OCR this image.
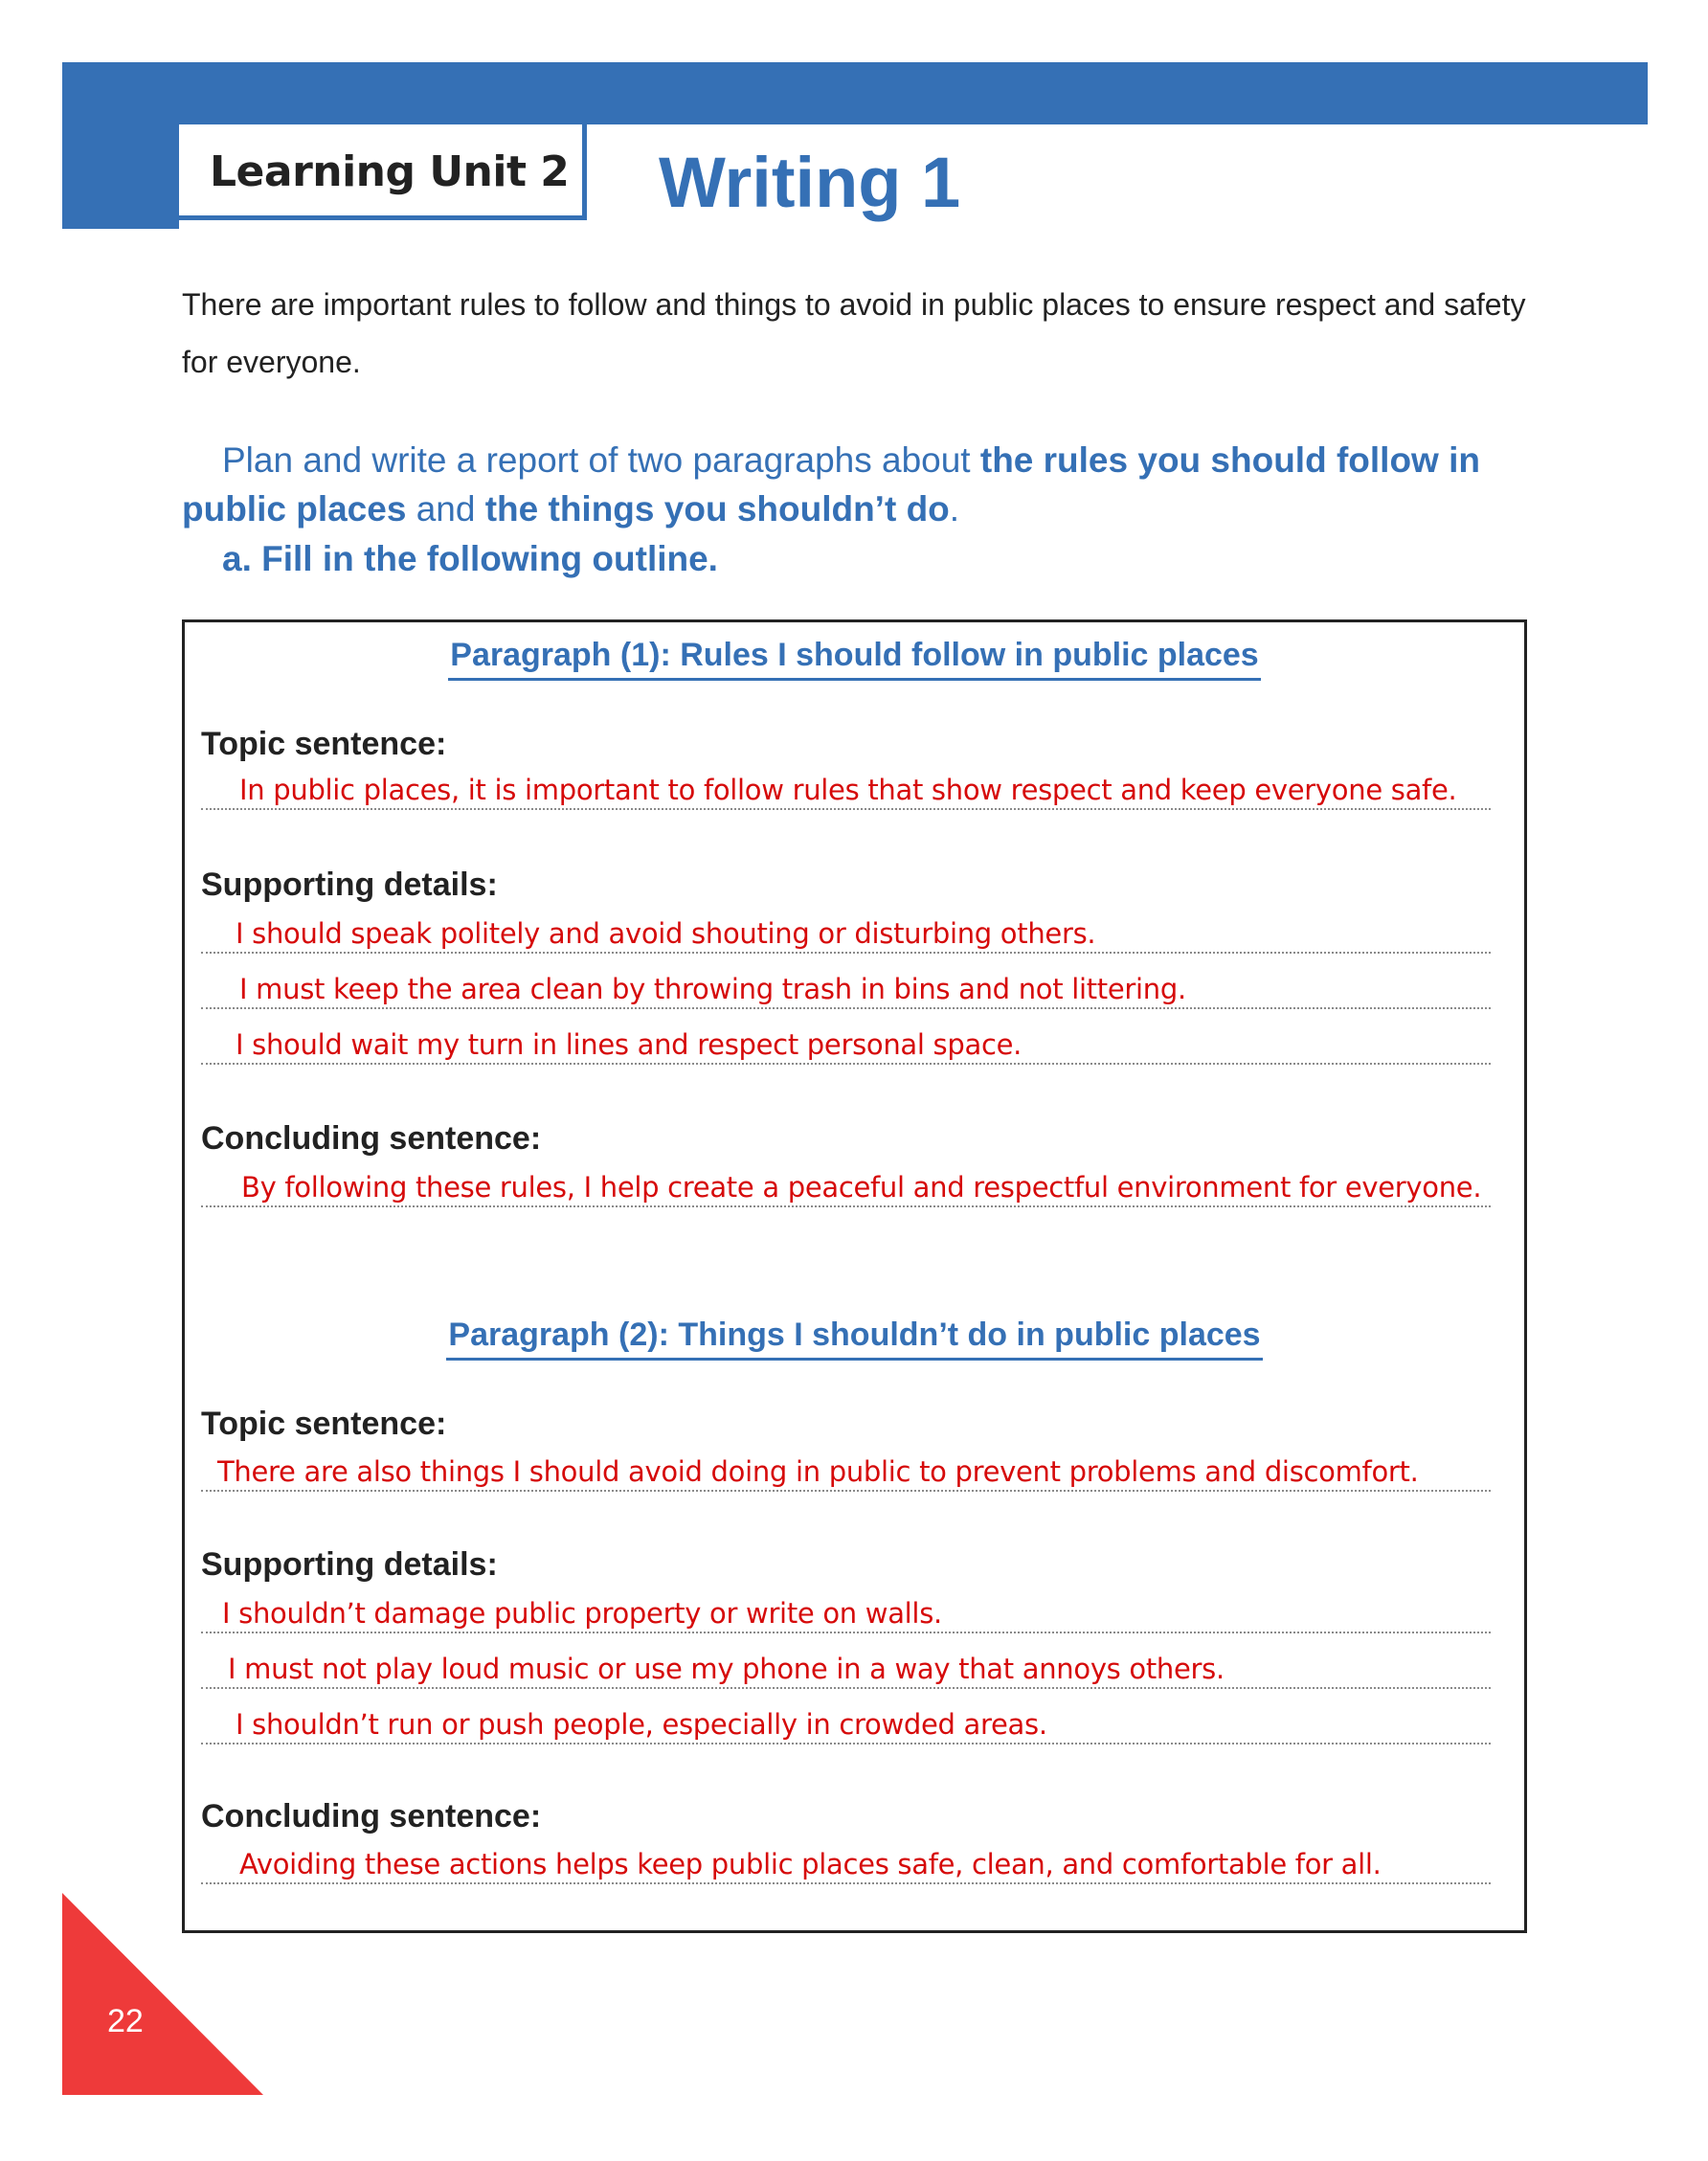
Learning Unit 2 Writing 1
There are important rules to follow and things to avoid in public places to ensure respect and safety for everyone.
Plan and write a report of two paragraphs about the rules you should follow in public places and the things you shouldn’t do.
a. Fill in the following outline.
Paragraph (1): Rules I should follow in public places
Topic sentence:
In public places, it is important to follow rules that show respect and keep everyone safe.
Supporting details:
I should speak politely and avoid shouting or disturbing others.
I must keep the area clean by throwing trash in bins and not littering.
I should wait my turn in lines and respect personal space.
Concluding sentence:
By following these rules, I help create a peaceful and respectful environment for everyone.
Paragraph (2): Things I shouldn’t do in public places
Topic sentence:
There are also things I should avoid doing in public to prevent problems and discomfort.
Supporting details:
I shouldn’t damage public property or write on walls.
I must not play loud music or use my phone in a way that annoys others.
I shouldn’t run or push people, especially in crowded areas.
Concluding sentence:
Avoiding these actions helps keep public places safe, clean, and comfortable for all.
22
